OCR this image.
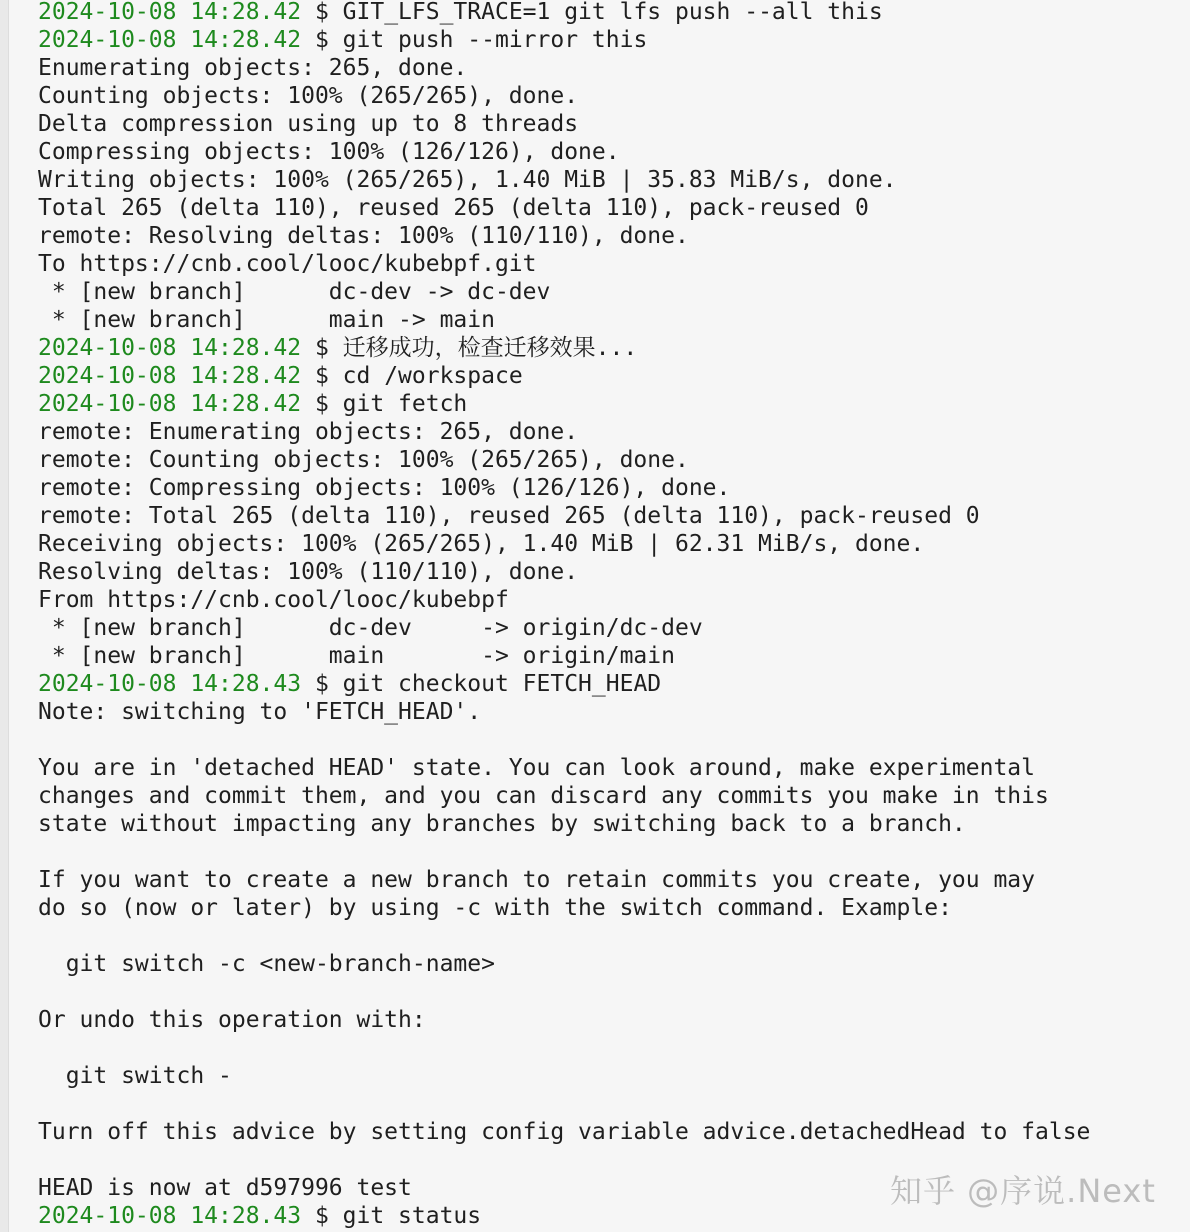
2024-10-08 14:28.42 $ GIT_LFS_TRACE=1 git lfs push --all this
2024-10-08 14:28.42 $ git push --mirror this
Enumerating objects: 265, done.
Counting objects: 100% (265/265), done.
Delta compression using up to 8 threads
Compressing objects: 100% (126/126), done.
Writing objects: 100% (265/265), 1.40 MiB | 35.83 MiB/s, done.
Total 265 (delta 110), reused 265 (delta 110), pack-reused 0
remote: Resolving deltas: 100% (110/110), done.
To https://cnb.cool/looc/kubebpf.git
* [new branch]      dc-dev -> dc-dev
* [new branch]      main -> main
2024-10-08 14:28.42 $ 迁移成功，检查迁移效果...
2024-10-08 14:28.42 $ cd /workspace
2024-10-08 14:28.42 $ git fetch
remote: Enumerating objects: 265, done.
remote: Counting objects: 100% (265/265), done.
remote: Compressing objects: 100% (126/126), done.
remote: Total 265 (delta 110), reused 265 (delta 110), pack-reused 0
Receiving objects: 100% (265/265), 1.40 MiB | 62.31 MiB/s, done.
Resolving deltas: 100% (110/110), done.
From https://cnb.cool/looc/kubebpf
* [new branch]      dc-dev     -> origin/dc-dev
* [new branch]      main       -> origin/main
2024-10-08 14:28.43 $ git checkout FETCH_HEAD
Note: switching to 'FETCH_HEAD'.
You are in 'detached HEAD' state. You can look around, make experimental
changes and commit them, and you can discard any commits you make in this
state without impacting any branches by switching back to a branch.
If you want to create a new branch to retain commits you create, you may
do so (now or later) by using -c with the switch command. Example:
git switch -c <new-branch-name>
Or undo this operation with:
git switch -
Turn off this advice by setting config variable advice.detachedHead to false
HEAD is now at d597996 test
2024-10-08 14:28.43 $ git status
知乎 @序说.Next
